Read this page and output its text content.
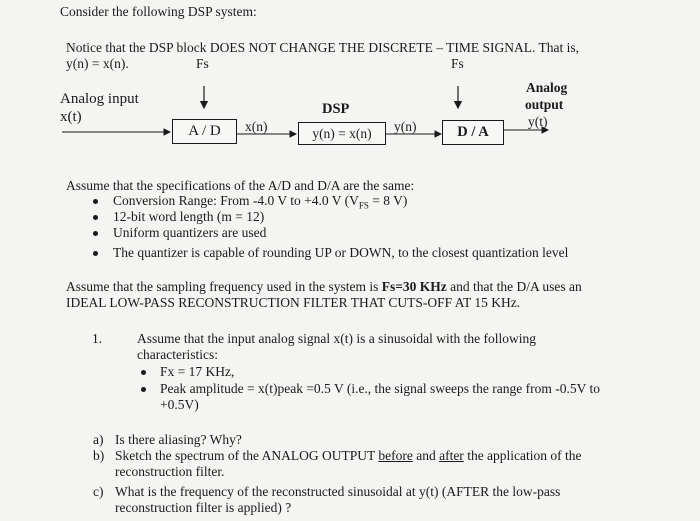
Consider the following DSP system:
Notice that the DSP block DOES NOT CHANGE THE DISCRETE – TIME SIGNAL. That is,
y(n) = x(n).	Fs	Fs
Analog input
x(t)
A / D x(n)
DSP
y(n) = x(n) y(n)	D / A
Analog
output
y(t)
Assume that the specifications of the A/D and D/A are the same:
Conversion Range: From -4.0 V to +4.0 V ($V_{FS} = 8$ V)
12-bit word length (m = 12)
Uniform quantizers are used
The quantizer is capable of rounding UP or DOWN, to the closest quantization level
Assume that the sampling frequency used in the system is Fs=30 KHz and that the D/A uses an
IDEAL LOW-PASS RECONSTRUCTION FILTER THAT CUTS-OFF AT 15 KHz.
1.	Assume that the input analog signal x(t) is a sinusoidal with the following
characteristics:
Fx = 17 KHz,
Peak amplitude = x(t)peak =0.5 V (i.e., the signal sweeps the range from -0.5V to
+0.5V)
a) Is there aliasing? Why?
b) Sketch the spectrum of the ANALOG OUTPUT before and after the application of the
reconstruction filter.
c) What is the frequency of the reconstructed sinusoidal at y(t) (AFTER the low-pass
reconstruction filter is applied) ?
